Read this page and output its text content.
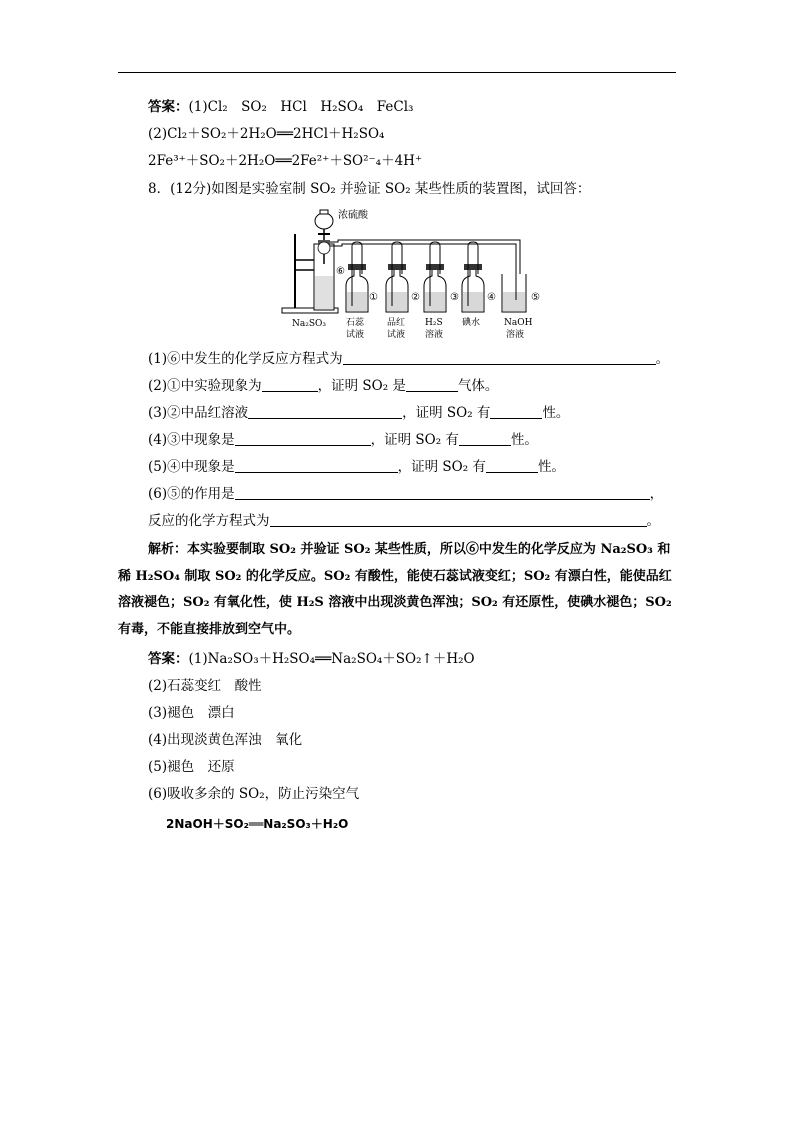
答案：(1)Cl₂　SO₂　HCl　H₂SO₄　FeCl₃
(2)Cl₂＋SO₂＋2H₂O══2HCl＋H₂SO₄
2Fe³⁺＋SO₂＋2H₂O══2Fe²⁺＋SO²⁻₄＋4H⁺
8．(12分)如图是实验室制 SO₂ 并验证 SO₂ 某些性质的装置图，试回答：
浓硫酸
Na₂SO₃
⑥
①	②	③	④	⑤
石蕊
试液
品红
试液
H₂S
溶液
碘水	NaOH
溶液
(1)⑥中发生的化学反应方程式为	。
(2)①中实验现象为	，证明 SO₂ 是	气体。
(3)②中品红溶液	，证明 SO₂ 有	性。
(4)③中现象是	，证明 SO₂ 有	性。
(5)④中现象是	，证明 SO₂ 有	性。
(6)⑤的作用是	，
反应的化学方程式为	。
解析：本实验要制取 SO₂ 并验证 SO₂ 某些性质，所以⑥中发生的化学反应为 Na₂SO₃ 和稀 H₂SO₄ 制取 SO₂ 的化学反应。SO₂ 有酸性，能使石蕊试液变红；SO₂ 有漂白性，能使品红溶液褪色；SO₂ 有氧化性，使 H₂S 溶液中出现淡黄色浑浊；SO₂ 有还原性，使碘水褪色；SO₂ 有毒，不能直接排放到空气中。
答案：(1)Na₂SO₃＋H₂SO₄══Na₂SO₄＋SO₂↑＋H₂O
(2)石蕊变红　酸性
(3)褪色　漂白
(4)出现淡黄色浑浊　氧化
(5)褪色　还原
(6)吸收多余的 SO₂，防止污染空气
2NaOH＋SO₂══Na₂SO₃＋H₂O
